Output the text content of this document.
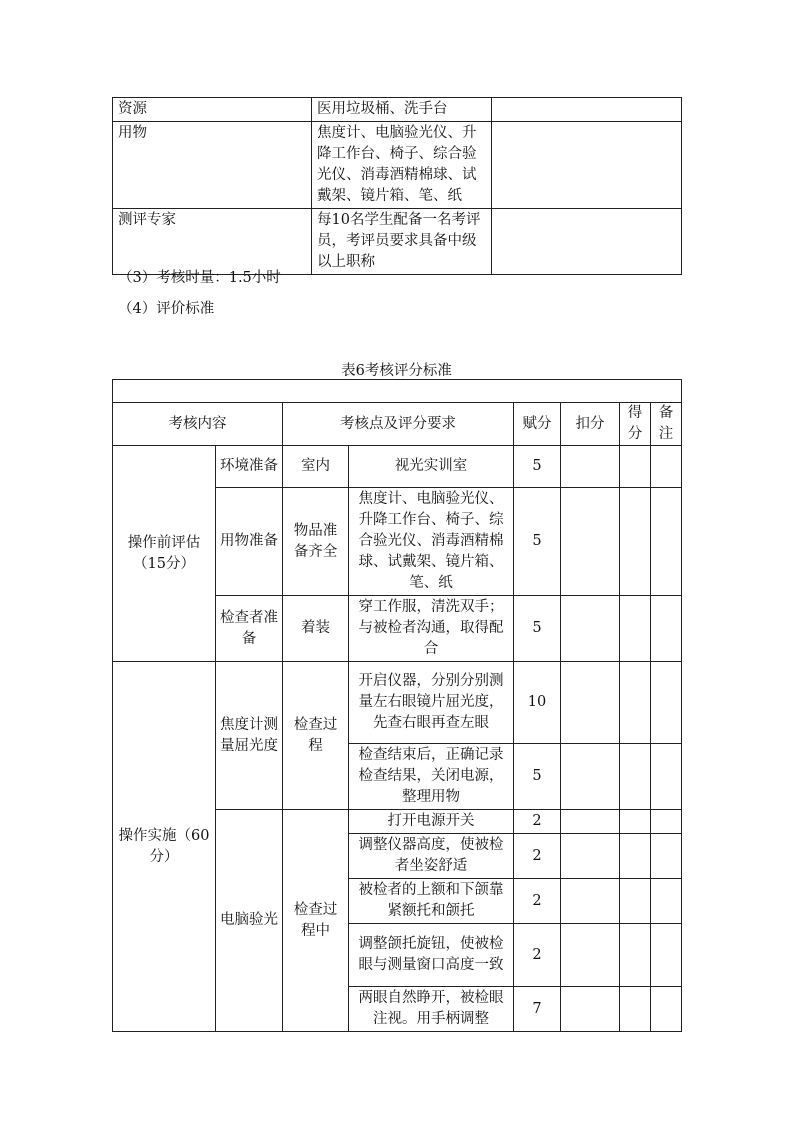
资源	医用垃圾桶、洗手台	
用物	焦度计、电脑验光仪、升降工作台、椅子、综合验光仪、消毒酒精棉球、试戴架、镜片箱、笔、纸	
测评专家	每10名学生配备一名考评员，考评员要求具备中级以上职称	
（3）考核时量：1.5小时
（4）评价标准
表6考核评分标准

考核内容		考核点及评分要求		赋分	扣分	得分	备注
操作前评估（15分）	环境准备	室内	视光实训室	5			
	用物准备	物品准备齐全	焦度计、电脑验光仪、升降工作台、椅子、综合验光仪、消毒酒精棉球、试戴架、镜片箱、笔、纸	5			
	检查者准备	着装	穿工作服，清洗双手；与被检者沟通，取得配合	5			
操作实施（60分）	焦度计测量屈光度	检查过程	开启仪器，分别分别测量左右眼镜片屈光度，先查右眼再查左眼	10			
			检查结束后，正确记录检查结果，关闭电源，整理用物	5			
	电脑验光	检查过程中	打开电源开关	2			
			调整仪器高度，使被检者坐姿舒适	2			
			被检者的上额和下颌靠紧额托和颌托	2			
			调整颌托旋钮，使被检眼与测量窗口高度一致	2			
			两眼自然睁开，被检眼注视。用手柄调整	7			
